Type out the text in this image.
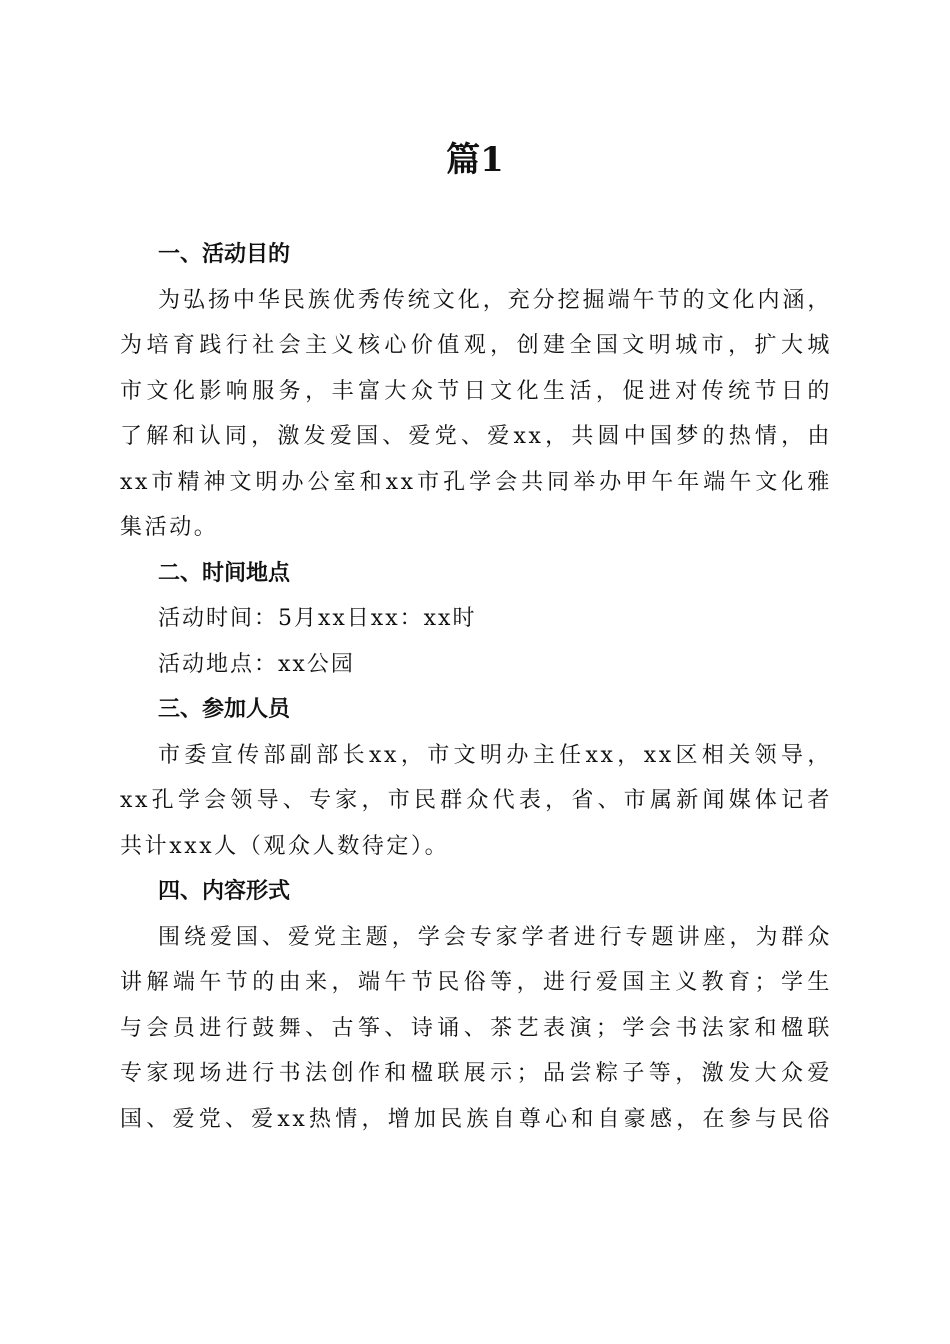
篇1
一、活动目的

为弘扬中华民族优秀传统文化，充分挖掘端午节的文化内涵，
为培育践行社会主义核心价值观，创建全国文明城市，扩大城
市文化影响服务，丰富大众节日文化生活，促进对传统节日的
了解和认同，激发爱国、爱党、爱xx，共圆中国梦的热情，由
xx市精神文明办公室和xx市孔学会共同举办甲午年端午文化雅
集活动。

二、时间地点

活动时间：5月xx日xx：xx时

活动地点：xx公园

三、参加人员

市委宣传部副部长xx，市文明办主任xx，xx区相关领导，
xx孔学会领导、专家，市民群众代表，省、市属新闻媒体记者
共计xxx人（观众人数待定）。

四、内容形式

围绕爱国、爱党主题，学会专家学者进行专题讲座，为群众
讲解端午节的由来，端午节民俗等，进行爱国主义教育；学生
与会员进行鼓舞、古筝、诗诵、茶艺表演；学会书法家和楹联
专家现场进行书法创作和楹联展示；品尝粽子等，激发大众爱
国、爱党、爱xx热情，增加民族自尊心和自豪感，在参与民俗
